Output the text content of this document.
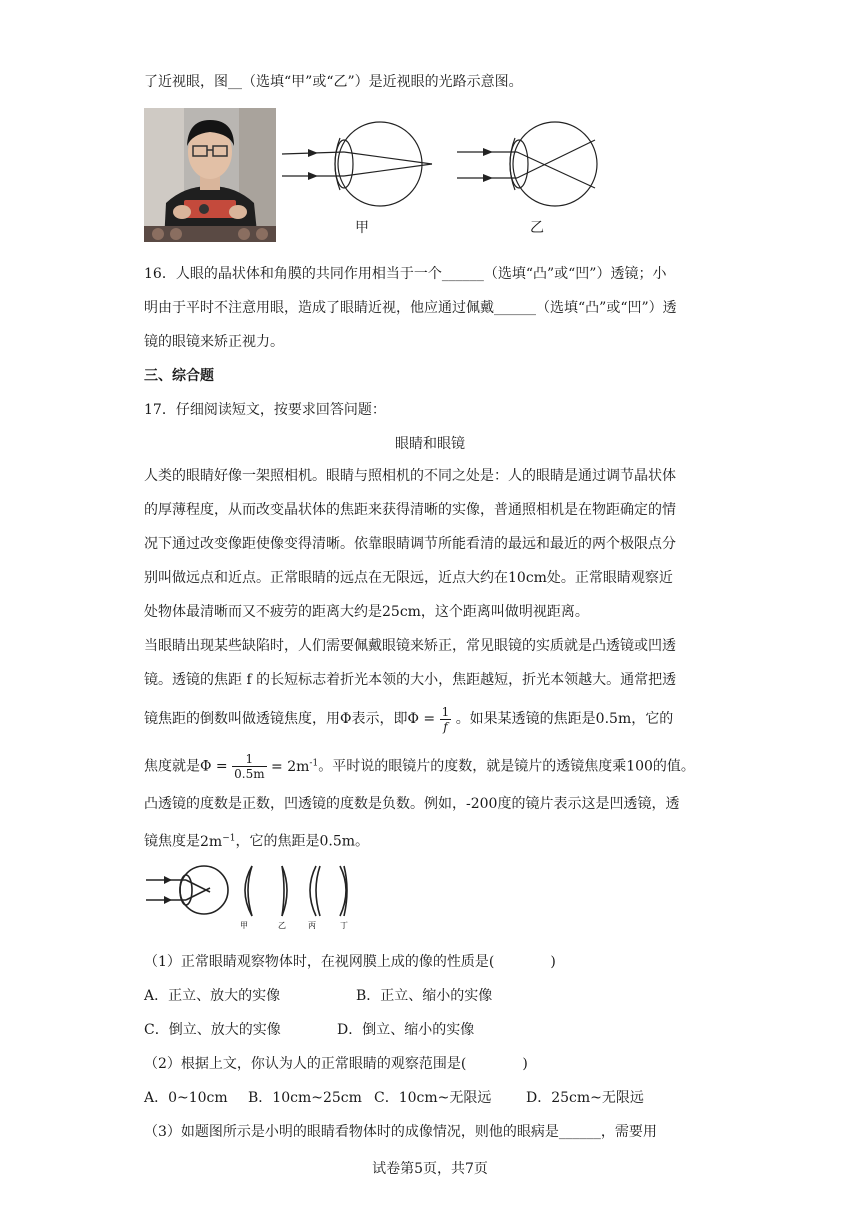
了近视眼，图__（选填“甲”或“乙”）是近视眼的光路示意图。
甲	乙
16．人眼的晶状体和角膜的共同作用相当于一个______（选填“凸”或“凹”）透镜；小
明由于平时不注意用眼，造成了眼睛近视，他应通过佩戴______（选填“凸”或“凹”）透
镜的眼镜来矫正视力。
三、综合题
17．仔细阅读短文，按要求回答问题：
眼睛和眼镜
人类的眼睛好像一架照相机。眼睛与照相机的不同之处是：人的眼睛是通过调节晶状体
的厚薄程度，从而改变晶状体的焦距来获得清晰的实像，普通照相机是在物距确定的情
况下通过改变像距使像变得清晰。依靠眼睛调节所能看清的最远和最近的两个极限点分
别叫做远点和近点。正常眼睛的远点在无限远，近点大约在10cm处。正常眼睛观察近
处物体最清晰而又不疲劳的距离大约是25cm，这个距离叫做明视距离。
当眼睛出现某些缺陷时，人们需要佩戴眼镜来矫正，常见眼镜的实质就是凸透镜或凹透
镜。透镜的焦距 f 的长短标志着折光本领的大小，焦距越短，折光本领越大。通常把透
镜焦距的倒数叫做透镜焦度，用Φ表示，即$\Phi = \frac{1}{f}$ 。如果某透镜的焦距是0.5m，它的
焦度就是$\Phi = \frac{1}{0.5m} = 2m^{-1}$。平时说的眼镜片的度数，就是镜片的透镜焦度乘100的值。
凸透镜的度数是正数，凹透镜的度数是负数。例如，-200度的镜片表示这是凹透镜，透
镜焦度是$2m^{-1}$，它的焦距是0.5m。
甲	乙	丙	丁
（1）正常眼睛观察物体时，在视网膜上成的像的性质是(　　　　)
A．正立、放大的实像	B．正立、缩小的实像
C．倒立、放大的实像	D．倒立、缩小的实像
（2）根据上文，你认为人的正常眼睛的观察范围是(　　　　)
A．0~10cm B．10cm~25cm C．10cm~无限远 D．25cm~无限远
（3）如题图所示是小明的眼睛看物体时的成像情况，则他的眼病是______，需要用
试卷第5页，共7页
